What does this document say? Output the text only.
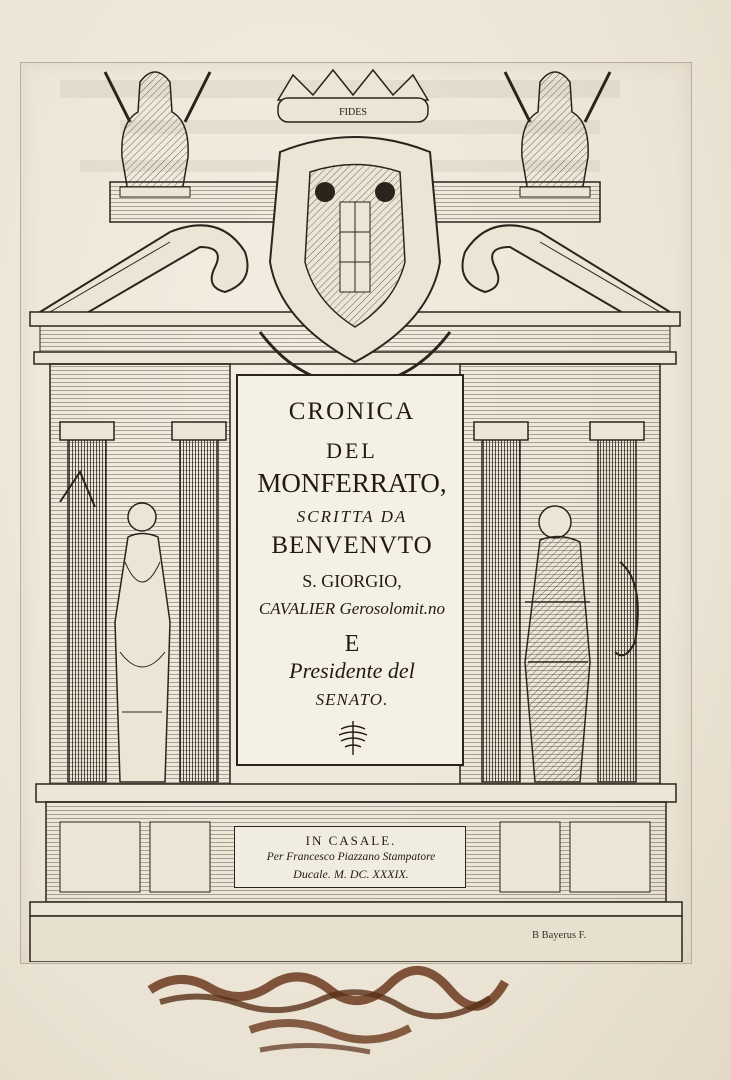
FIDES
CRONICA
DEL
MONFERRATO,
SCRITTA DA
BENVENVTO
S. GIORGIO,
CAVALIER Gerosolomit.no
E
Presidente del
SENATO.
IN CASALE.
Per Francesco Piazzano Stampatore
Ducale. M. DC. XXXIX.
B Bayerus F.
